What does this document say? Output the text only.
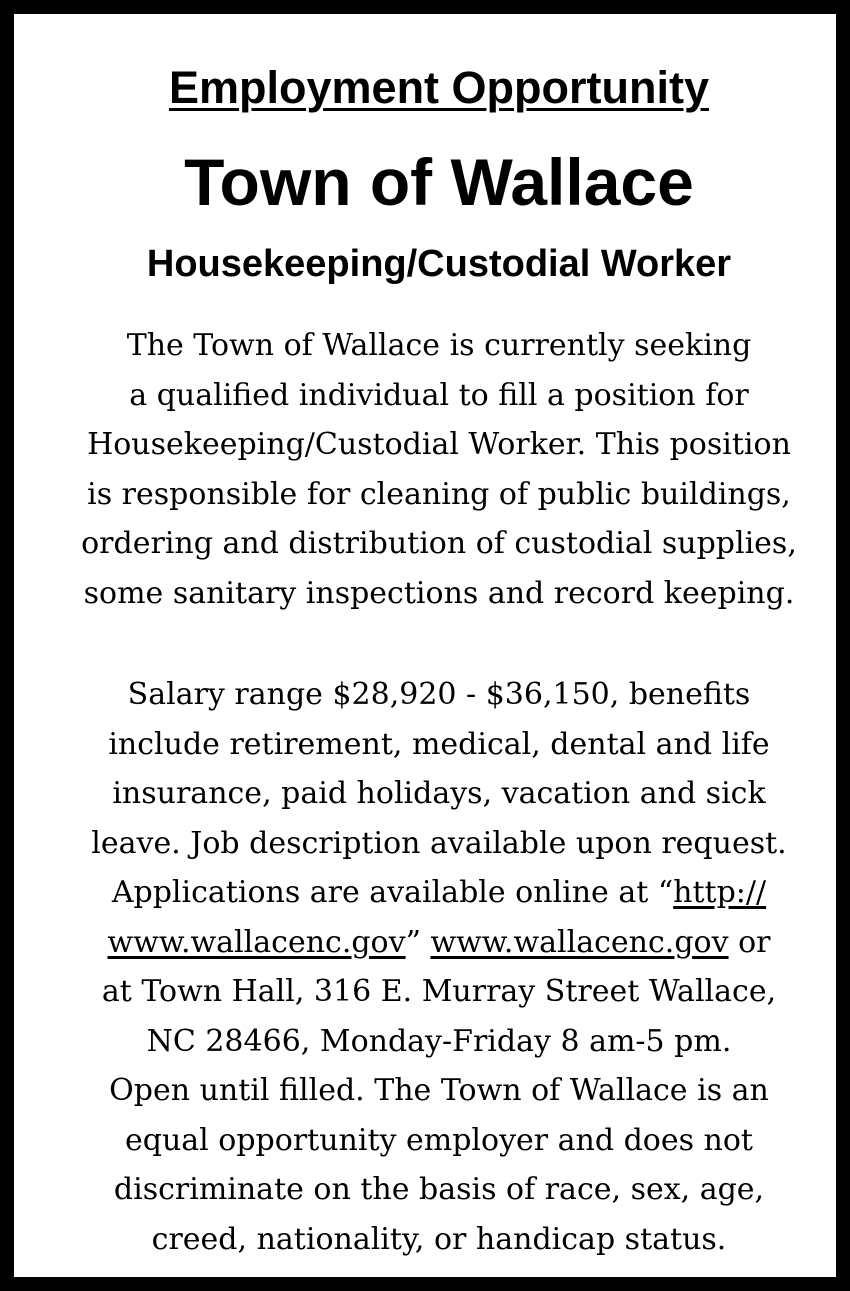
Employment Opportunity
Town of Wallace
Housekeeping/Custodial Worker
The Town of Wallace is currently seeking
a qualified individual to fill a position for
Housekeeping/Custodial Worker. This position
is responsible for cleaning of public buildings,
ordering and distribution of custodial supplies,
some sanitary inspections and record keeping.
Salary range $28,920 - $36,150, benefits
include retirement, medical, dental and life
insurance, paid holidays, vacation and sick
leave. Job description available upon request.
Applications are available online at “http://
www.wallacenc.gov” www.wallacenc.gov or
at Town Hall, 316 E. Murray Street Wallace,
NC 28466, Monday-Friday 8 am-5 pm.
Open until filled. The Town of Wallace is an
equal opportunity employer and does not
discriminate on the basis of race, sex, age,
creed, nationality, or handicap status.
